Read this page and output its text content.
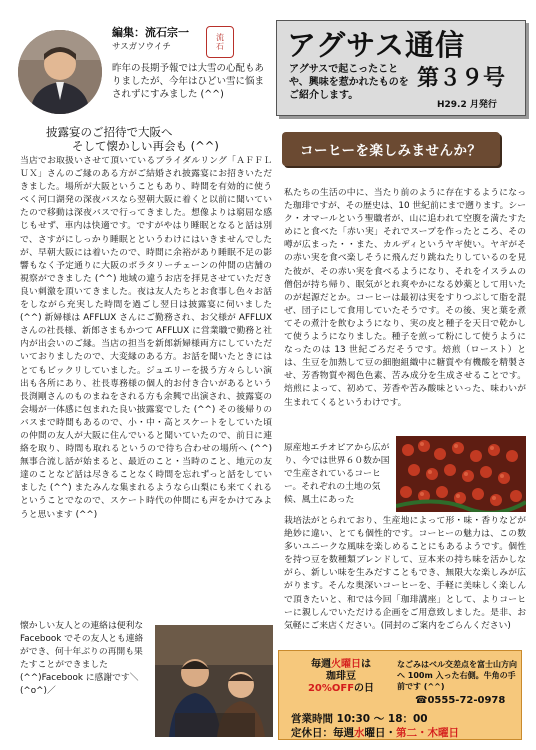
編集：流石宗一
サスガソウイチ
流
石
昨年の長期予報では大雪の心配もありましたが、今年はひどい雪に悩まされずにすみました (^^)
アグサス通信
アグサスで起こったことや、興味を惹かれたものをご紹介します。
第３９号
H29.2 月発行
披露宴のご招待で大阪へ
そして懐かしい再会も (^^)

当店でお取扱いさせて頂いているブライダルリング「ＡＦＦＬＵＸ」さんのご縁のある方がご結婚され披露宴にお招きいただきました。場所が大阪ということもあり、時間を有効的に使うべく河口湖発の深夜バスなら翌朝大阪に着くと以前に聞いていたので移動は深夜バスで行ってきました。想像よりは窮屈な感じもせず、車内は快適です。ですがやはり睡眠となると話は別で、さすがにしっかり睡眠とというわけにはいきませんでしたが、早朝大阪には着いたので、時間に余裕があり睡眠不足の影響もなく予定通りに大阪のボラタリーチェーンの仲間の店舗の視察ができました (^^) 地域の違うお店を拝見させていただき良い刺激を頂いてきました。夜は友人たちとお食事し色々お話をしながら充実した時間を過ごし翌日は披露宴に伺いました (^^) 新婦様は AFFLUX さんにご勤務され、お父様が AFFLUX さんの社長様、新郎さまもかつて AFFLUX に営業職で勤務と社内が出会いのご縁。当店の担当を新郎新婦様両方にしていただいておりましたので、大変縁のある方。お話を聞いたときにはとてもビックリしていました。ジュエリーを扱う方々らしい演出も各所にあり、社長専務様の個人的お付き合いがあるという長渕剛さんのものまねをされる方も余興で出演され、披露宴の会場が一体感に包まれた良い披露宴でした (^^) その後帰りのバスまで時間もあるので、小・中・高とスケートをしていた頃の仲間の友人が大阪に住んでいると聞いていたので、前日に連絡を取り、時間も取れるというので待ち合わせの場所へ (^^) 無事合流し話が始まると、最近のこと・当時のこと、地元の友達のことなど話は尽きることなく時間を忘れずっと話をしていました (^^) またみんな集まれるようなら山梨にも来てくれるということでなので、スケート時代の仲間にも声をかけてみようと思います (^^)

懐かしい友人との連絡は便利な Facebook でその友人とも連絡ができ、何十年ぶりの再開も果たすことができました (^^)Facebook に感謝です＼(^o^)／

コーヒーを楽しみませんか？

私たちの生活の中に、当たり前のように存在するようになった珈琲ですが、その歴史は、10 世紀前にまで遡ります。シーク・オマールという聖職者が、山に追われて空腹を満たすためにと食べた「赤い実」それでスープを作ったところ、その噂が広まった・・また、カルディというヤギ使い。ヤギがその赤い実を食べ楽しそうに飛んだり跳ねたりしているのを見た彼が、その赤い実を食べるようになり、それをイスラムの僧侶が持ち帰り、眠気がとれ爽やかになる妙薬として用いたのが起源だとか。コーヒーは最初は実をすりつぶして脂を混ぜ、団子にして食用していたそうです。その後、実と葉を煮てその煮汁を飲むようになり、実の皮と種子を天日で乾かして使うようになりました。種子を煎って粉にして使うようになったのは 13 世紀ごろだそうです。焙煎（ロースト）とは、生豆を加熱して豆の細胞組織中に糖質や有機酸を精製させ、芳香物質や褐色色素、苦み成分を生成させることです。焙煎によって、初めて、芳香や苦み酸味といった、味わいが生まれてくるというわけです。

原産地エチオピアから広がり、今では世界６０数か国で生産されているコーヒー。それぞれの土地の気候、風土にあった

栽培法がとられており、生産地によって形・味・香りなどが絶妙に違い、とても個性的です。コーヒーの魅力は、この数多いユニークな風味を楽しめることにもあるようです。個性を持つ豆を数種類ブレンドして、豆本来の持ち味を活かしながら、新しい味を生みだすこともでき、無限大な楽しみが広がります。そんな奥深いコーヒーを、手軽に美味しく楽しんで頂きたいと、和では今回「珈琲講座」として、よりコーヒーに親しんでいただける企画をご用意致しました。是非、お気軽にご来店ください。(同封のご案内をごらんください)

毎週火曜日は
珈琲豆
20%OFFの日
なごみはベル交差点を富士山方向へ 100m 入った右側。牛角の手前です (^^)
☎0555-72-0978
営業時間 10:30 ～ 18：00
定休日：毎週水曜日・第二・木曜日
